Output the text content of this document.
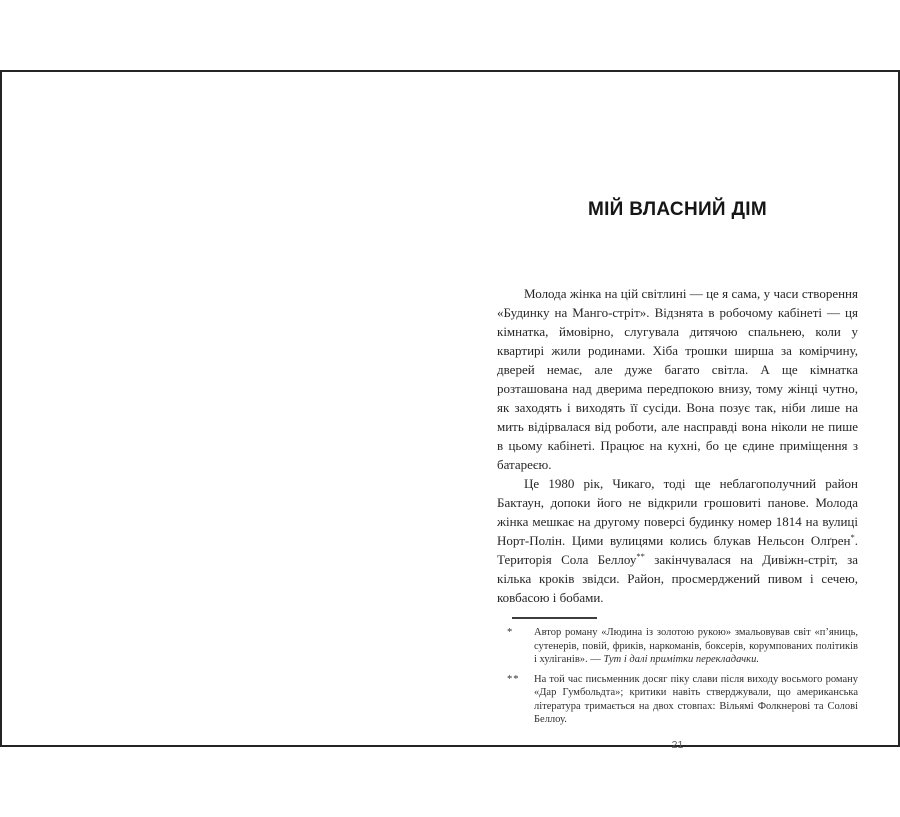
МІЙ ВЛАСНИЙ ДІМ

Молода жінка на цій світлині — це я сама, у часи створення «Будинку на Манго-стріт». Відзнята в робочому кабінеті — ця кімнатка, ймовірно, слугувала дитячою спальнею, коли у квартирі жили родинами. Хіба трошки ширша за комірчину, дверей немає, але дуже багато світла. А ще кімнатка розташована над дверима передпокою внизу, тому жінці чутно, як заходять і виходять її сусіди. Вона позує так, ніби лише на мить відірвалася від роботи, але насправді вона ніколи не пише в цьому кабінеті. Працює на кухні, бо це єдине приміщення з батареєю.

Це 1980 рік, Чикаго, тоді ще неблагополучний район Бактаун, допоки його не відкрили грошовиті панове. Молода жінка мешкає на другому поверсі будинку номер 1814 на вулиці Норт-Полін. Цими вулицями колись блукав Нельсон Олґрен*. Територія Сола Беллоу** закінчувалася на Дивіжн-стріт, за кілька кроків звідси. Район, просмерджений пивом і сечею, ковбасою і бобами.

* Автор роману «Людина із золотою рукою» змальовував світ «п’яниць, сутенерів, повій, фриків, наркоманів, боксерів, корумпованих політиків і хуліганів». — Тут і далі примітки перекладачки.
** На той час письменник досяг піку слави після виходу восьмого роману «Дар Гумбольдта»; критики навіть стверджували, що американська література тримається на двох стовпах: Вільямі Фолкнерові та Солові Беллоу.
21
